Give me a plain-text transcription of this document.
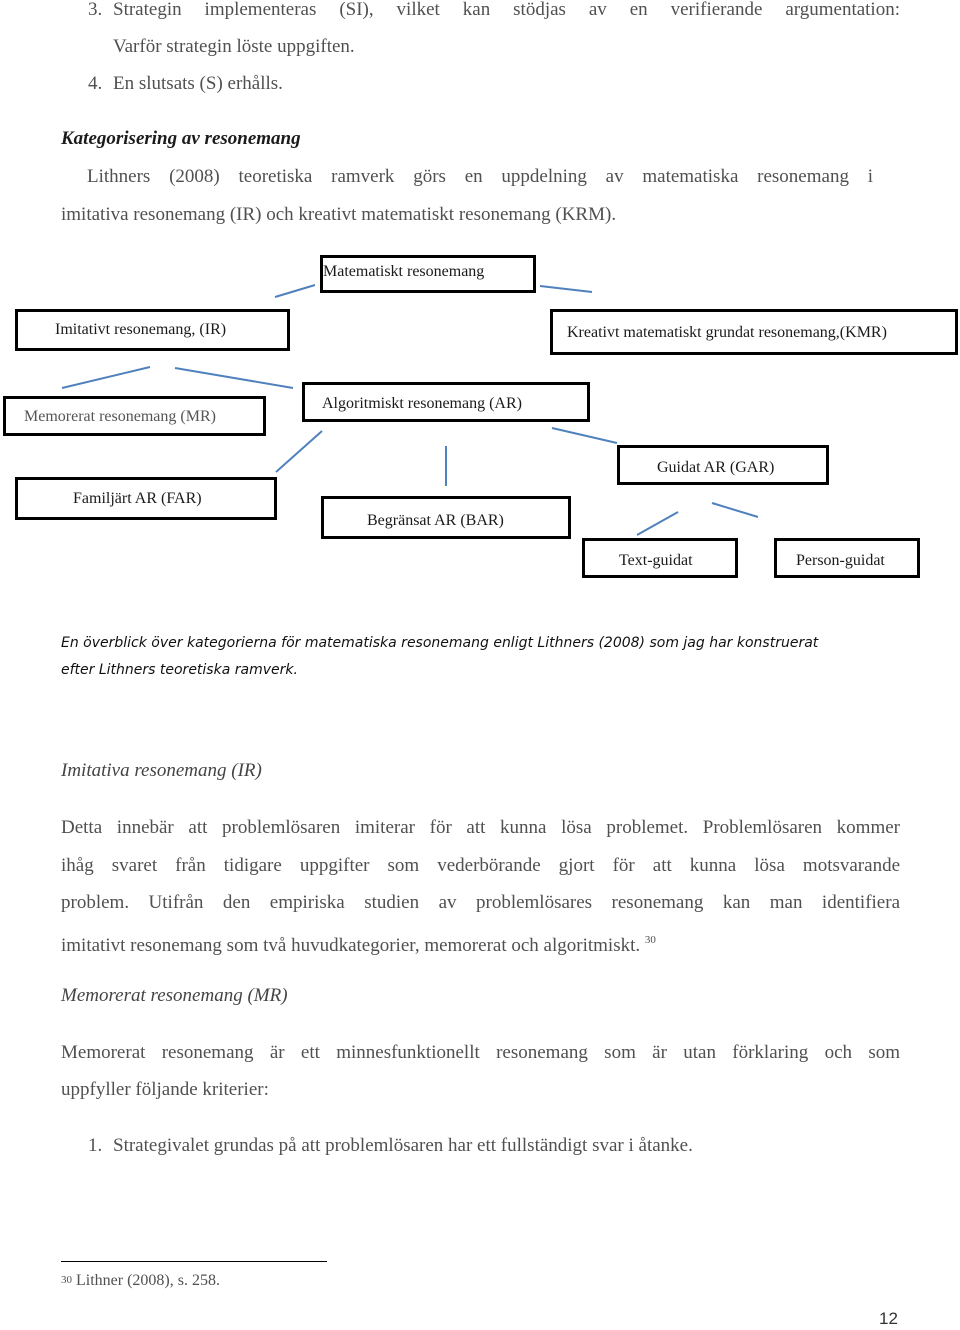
3. Strategin implementeras (SI), vilket kan stödjas av en verifierande argumentation:
Varför strategin löste uppgiften.
4. En slutsats (S) erhålls.
Kategorisering av resonemang
Lithners (2008) teoretiska ramverk görs en uppdelning av matematiska resonemang i
imitativa resonemang (IR) och kreativt matematiskt resonemang (KRM).
Matematiskt resonemang
Imitativt resonemang, (IR)	Kreativt matematiskt grundat resonemang,(KMR)
Memorerat resonemang (MR)
Algoritmiskt resonemang (AR)
Guidat AR (GAR)
Familjärt AR (FAR)
Begränsat AR (BAR)
Text-guidat	Person-guidat
En överblick över kategorierna för matematiska resonemang enligt Lithners (2008) som jag har konstruerat
efter Lithners teoretiska ramverk.
Imitativa resonemang (IR)
Detta innebär att problemlösaren imiterar för att kunna lösa problemet. Problemlösaren kommer
ihåg svaret från tidigare uppgifter som vederbörande gjort för att kunna lösa motsvarande
problem. Utifrån den empiriska studien av problemlösares resonemang kan man identifiera
imitativt resonemang som två huvudkategorier, memorerat och algoritmiskt. $^{30}$
Memorerat resonemang (MR)
Memorerat resonemang är ett minnesfunktionellt resonemang som är utan förklaring och som
uppfyller följande kriterier:
1. Strategivalet grundas på att problemlösaren har ett fullständigt svar i åtanke.
30 Lithner (2008), s. 258.
12
